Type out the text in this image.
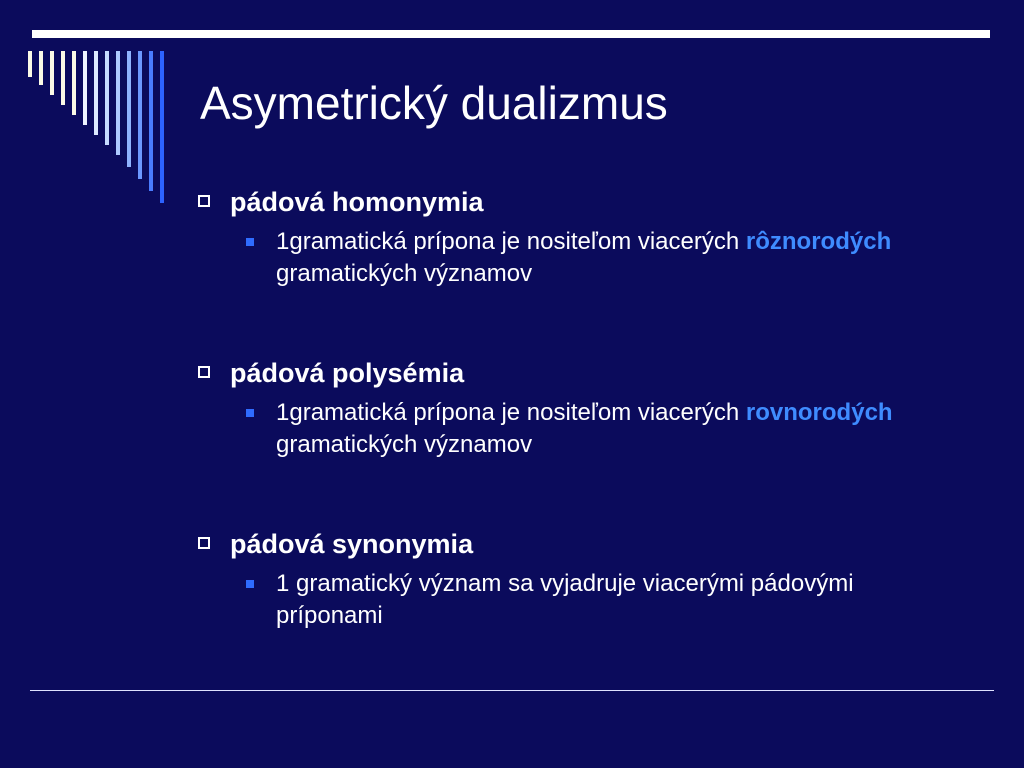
Asymetrický dualizmus
pádová homonymia
1gramatická prípona je nositeľom viacerých rôznorodých gramatických významov
pádová polysémia
1gramatická prípona je nositeľom viacerých rovnorodých gramatických významov
pádová synonymia
1 gramatický význam sa vyjadruje viacerými pádovými príponami
